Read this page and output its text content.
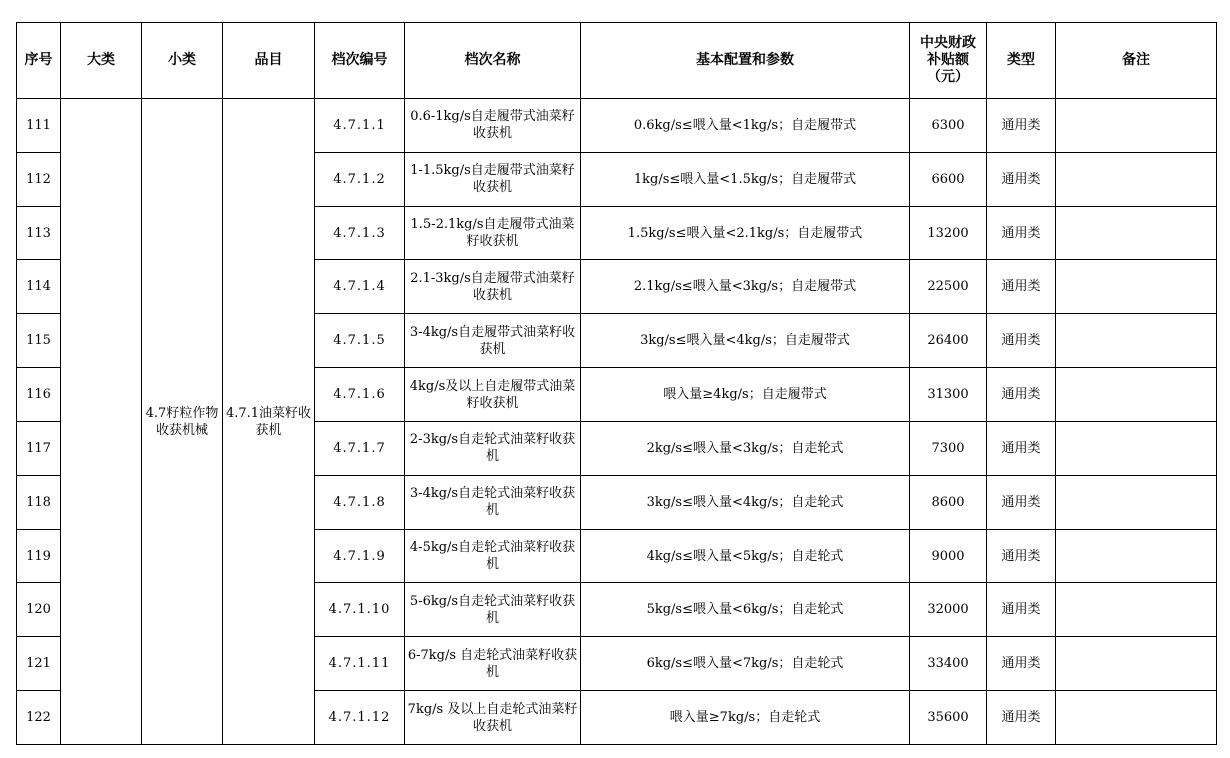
序号	大类	小类	品目	档次编号	档次名称	基本配置和参数	中央财政
补贴额
（元）	类型	备注
111		4.7籽粒作物收获机械	4.7.1油菜籽收获机	4.7.1.1	0.6-1kg/s自走履带式油菜籽收获机	0.6kg/s≤喂入量<1kg/s；自走履带式	6300	通用类	
112				4.7.1.2	1-1.5kg/s自走履带式油菜籽收获机	1kg/s≤喂入量<1.5kg/s；自走履带式	6600	通用类	
113				4.7.1.3	1.5-2.1kg/s自走履带式油菜籽收获机	1.5kg/s≤喂入量<2.1kg/s；自走履带式	13200	通用类	
114				4.7.1.4	2.1-3kg/s自走履带式油菜籽收获机	2.1kg/s≤喂入量<3kg/s；自走履带式	22500	通用类	
115				4.7.1.5	3-4kg/s自走履带式油菜籽收获机	3kg/s≤喂入量<4kg/s；自走履带式	26400	通用类	
116				4.7.1.6	4kg/s及以上自走履带式油菜籽收获机	喂入量≥4kg/s；自走履带式	31300	通用类	
117				4.7.1.7	2-3kg/s自走轮式油菜籽收获机	2kg/s≤喂入量<3kg/s；自走轮式	7300	通用类	
118				4.7.1.8	3-4kg/s自走轮式油菜籽收获机	3kg/s≤喂入量<4kg/s；自走轮式	8600	通用类	
119				4.7.1.9	4-5kg/s自走轮式油菜籽收获机	4kg/s≤喂入量<5kg/s；自走轮式	9000	通用类	
120				4.7.1.10	5-6kg/s自走轮式油菜籽收获机	5kg/s≤喂入量<6kg/s；自走轮式	32000	通用类	
121				4.7.1.11	6-7kg/s 自走轮式油菜籽收获机	6kg/s≤喂入量<7kg/s；自走轮式	33400	通用类	
122				4.7.1.12	7kg/s 及以上自走轮式油菜籽收获机	喂入量≥7kg/s；自走轮式	35600	通用类	
